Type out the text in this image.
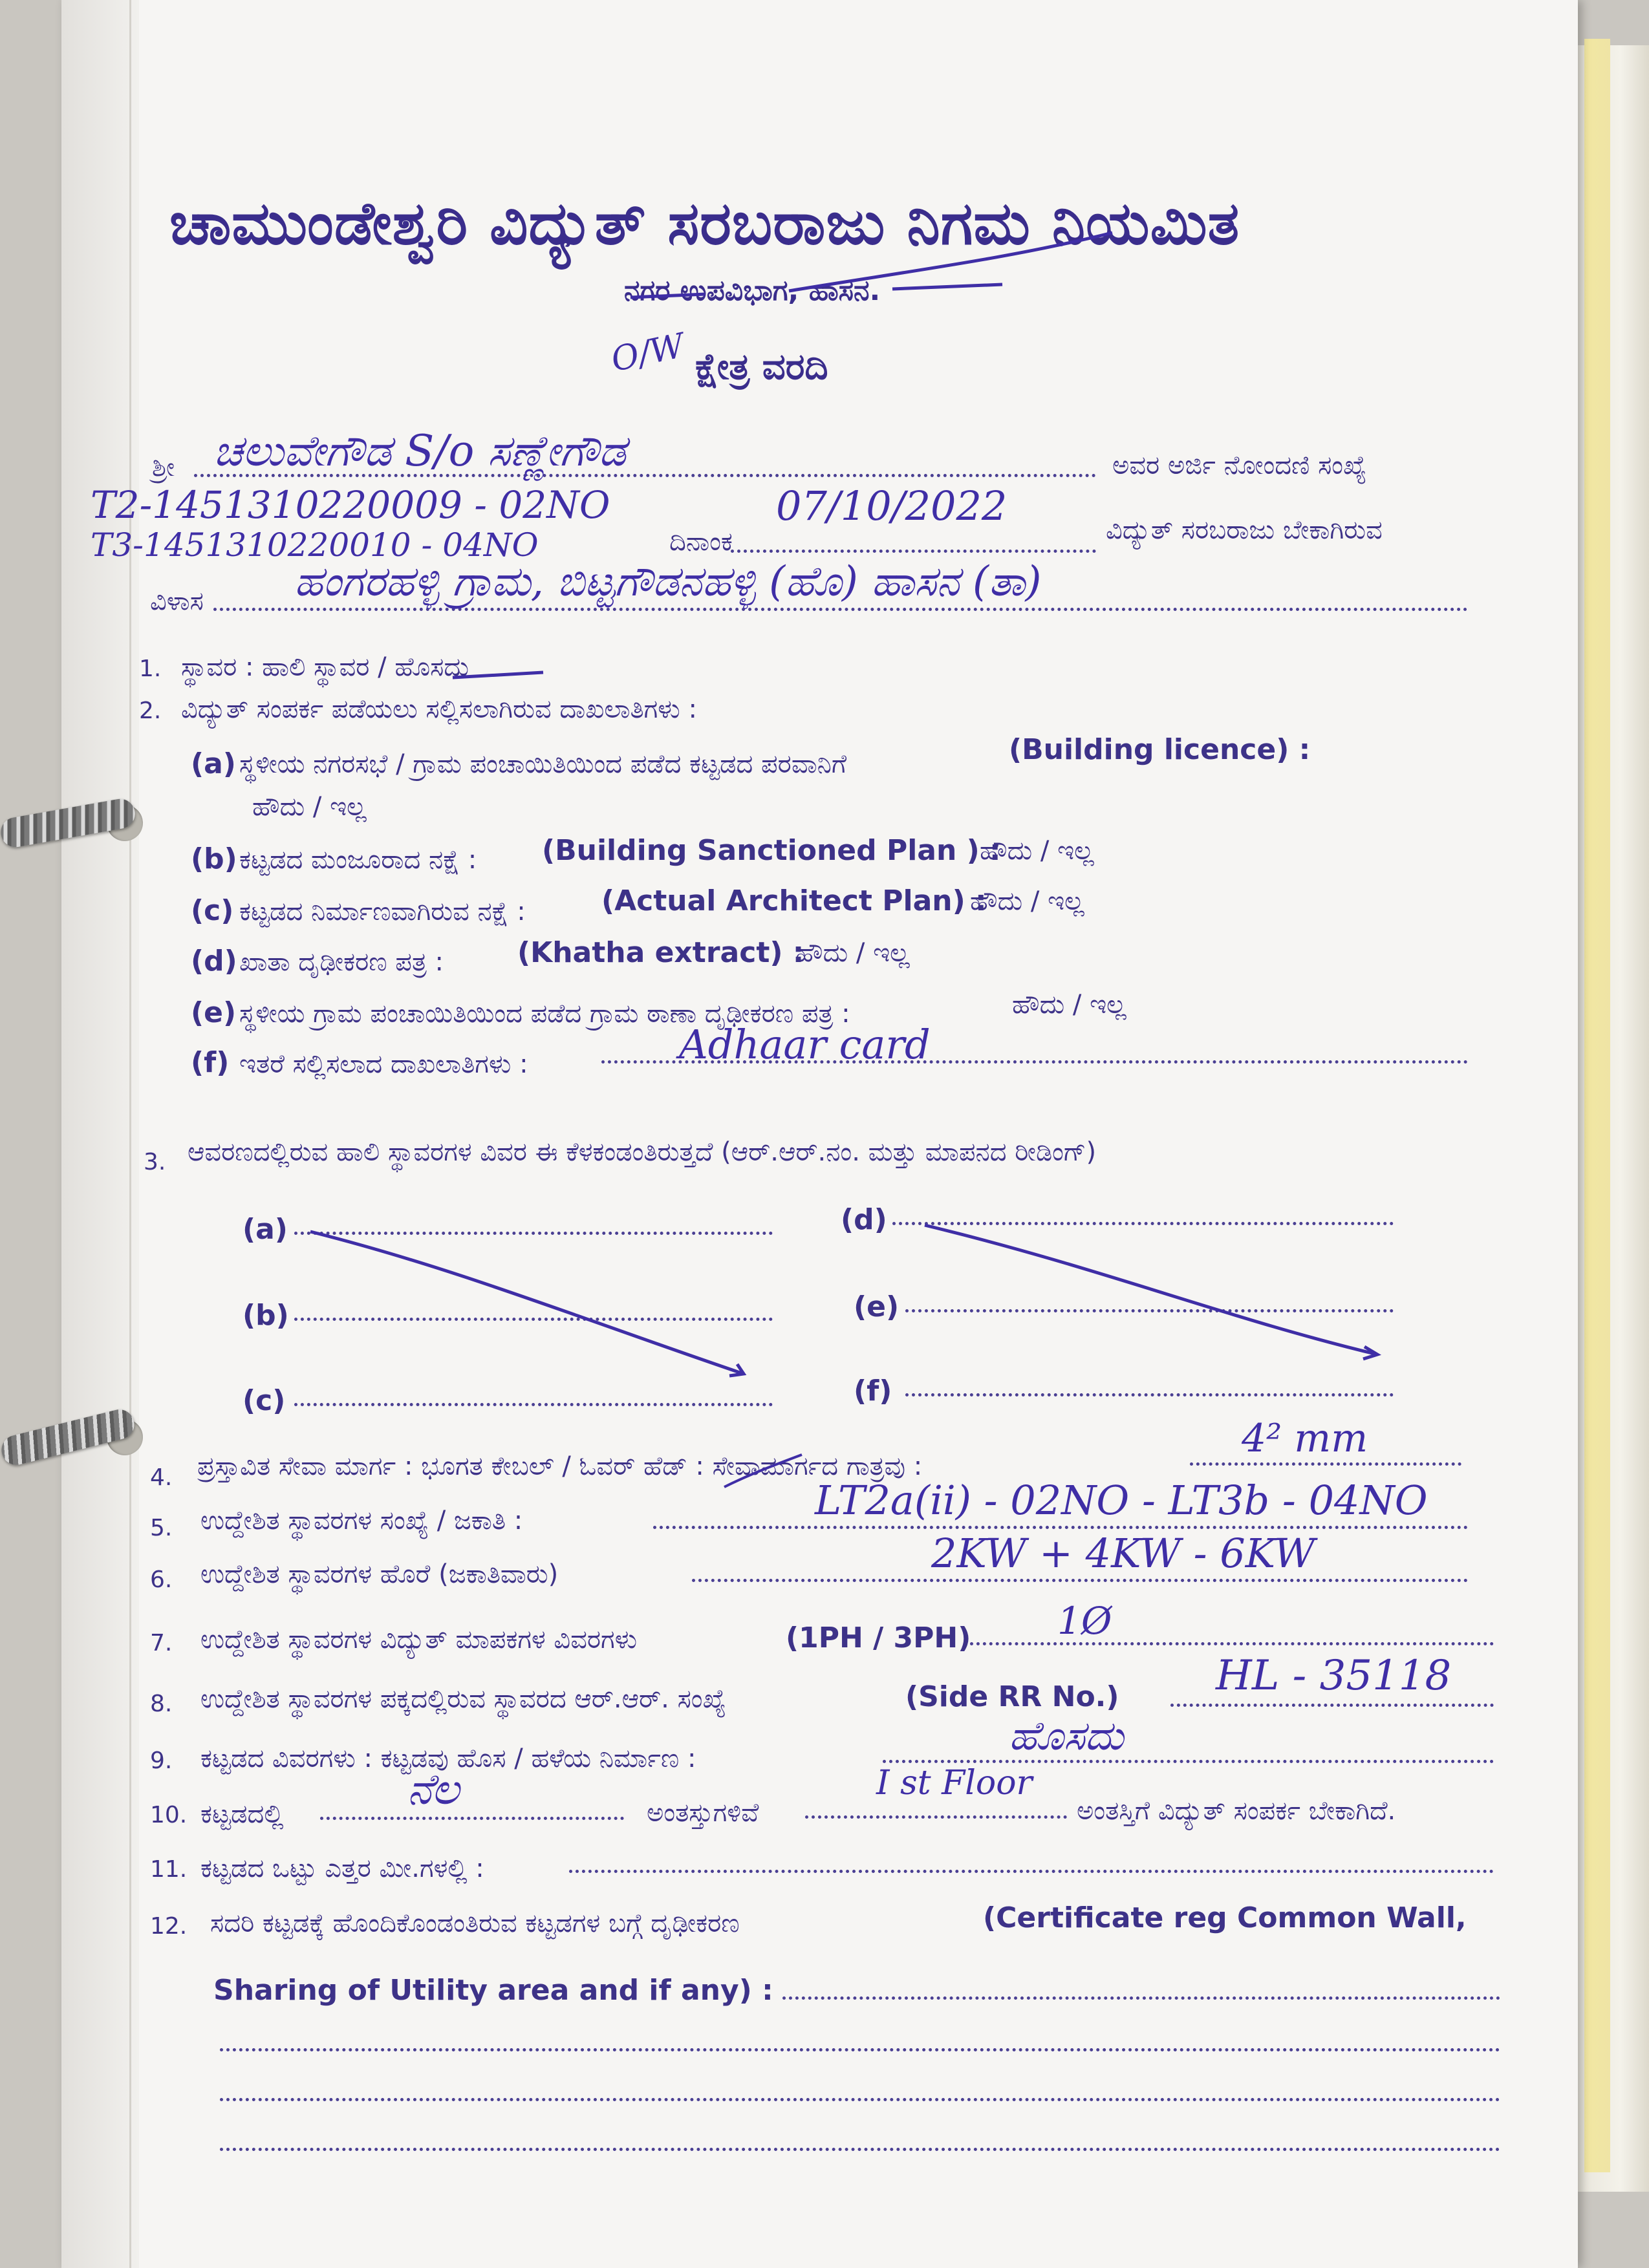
ಚಾಮುಂಡೇಶ್ವರಿ ವಿದ್ಯುತ್ ಸರಬರಾಜು ನಿಗಮ ನಿಯಮಿತ
ನಗರ ಉಪವಿಭಾಗ, ಹಾಸನ.
ಕ್ಷೇತ್ರ ವರದಿ
O/W
ಶ್ರೀ ಚಲುವೇಗೌಡ S/o ಸಣ್ಣೇಗೌಡ	ಅವರ ಅರ್ಜಿ ನೋಂದಣಿ ಸಂಖ್ಯೆ
T2-1451310220009 - 02NO
T3-1451310220010 - 04NO	ದಿನಾಂಕ
07/10/2022
ವಿದ್ಯುತ್ ಸರಬರಾಜು ಬೇಕಾಗಿರುವ
ವಿಳಾಸ ಹಂಗರಹಳ್ಳಿ ಗ್ರಾಮ, ಬಿಟ್ಟಗೌಡನಹಳ್ಳಿ (ಹೊ) ಹಾಸನ (ತಾ)
1. ಸ್ಥಾವರ : ಹಾಲಿ ಸ್ಥಾವರ / ಹೊಸದು
2. ವಿದ್ಯುತ್ ಸಂಪರ್ಕ ಪಡೆಯಲು ಸಲ್ಲಿಸಲಾಗಿರುವ ದಾಖಲಾತಿಗಳು :
(a) ಸ್ಥಳೀಯ ನಗರಸಭೆ / ಗ್ರಾಮ ಪಂಚಾಯಿತಿಯಿಂದ ಪಡೆದ ಕಟ್ಟಡದ ಪರವಾನಿಗೆ	(Building licence) :
ಹೌದು / ಇಲ್ಲ
(b) ಕಟ್ಟಡದ ಮಂಜೂರಾದ ನಕ್ಷೆ : (Building Sanctioned Plan ) :
ಹೌದು / ಇಲ್ಲ
(c) ಕಟ್ಟಡದ ನಿರ್ಮಾಣವಾಗಿರುವ ನಕ್ಷೆ :	(Actual Architect Plan) :
ಹೌದು / ಇಲ್ಲ
(d) ಖಾತಾ ದೃಢೀಕರಣ ಪತ್ರ :	(Khatha extract) :
ಹೌದು / ಇಲ್ಲ
(e) ಸ್ಥಳೀಯ ಗ್ರಾಮ ಪಂಚಾಯಿತಿಯಿಂದ ಪಡೆದ ಗ್ರಾಮ ಠಾಣಾ ದೃಢೀಕರಣ ಪತ್ರ :	ಹೌದು / ಇಲ್ಲ
(f) ಇತರೆ ಸಲ್ಲಿಸಲಾದ ದಾಖಲಾತಿಗಳು :	Adhaar card
3. ಆವರಣದಲ್ಲಿರುವ ಹಾಲಿ ಸ್ಥಾವರಗಳ ವಿವರ ಈ ಕೆಳಕಂಡಂತಿರುತ್ತದೆ (ಆರ್.ಆರ್.ನಂ. ಮತ್ತು ಮಾಪನದ ರೀಡಿಂಗ್)
(a)
(b)
(c)
(d)
(e)
(f)
4. ಪ್ರಸ್ತಾವಿತ ಸೇವಾ ಮಾರ್ಗ : ಭೂಗತ ಕೇಬಲ್ / ಓವರ್ ಹೆಡ್ : ಸೇವಾಮಾರ್ಗದ ಗಾತ್ರವು :
4² mm
5. ಉದ್ದೇಶಿತ ಸ್ಥಾವರಗಳ ಸಂಖ್ಯೆ / ಜಕಾತಿ :	LT2a(ii) - 02NO - LT3b - 04NO
6. ಉದ್ದೇಶಿತ ಸ್ಥಾವರಗಳ ಹೊರೆ (ಜಕಾತಿವಾರು)	2KW + 4KW - 6KW
7. ಉದ್ದೇಶಿತ ಸ್ಥಾವರಗಳ ವಿದ್ಯುತ್ ಮಾಪಕಗಳ ವಿವರಗಳು	(1PH / 3PH) 1Ø
8. ಉದ್ದೇಶಿತ ಸ್ಥಾವರಗಳ ಪಕ್ಕದಲ್ಲಿರುವ ಸ್ಥಾವರದ ಆರ್.ಆರ್. ಸಂಖ್ಯೆ	(Side RR No.) HL - 35118
9. ಕಟ್ಟಡದ ವಿವರಗಳು : ಕಟ್ಟಡವು ಹೊಸ / ಹಳೆಯ ನಿರ್ಮಾಣ :	ಹೊಸದು
10. ಕಟ್ಟಡದಲ್ಲಿ	ನೆಲ	ಅಂತಸ್ತುಗಳಿವೆ
I st Floor
ಅಂತಸ್ತಿಗೆ ವಿದ್ಯುತ್ ಸಂಪರ್ಕ ಬೇಕಾಗಿದೆ.
11. ಕಟ್ಟಡದ ಒಟ್ಟು ಎತ್ತರ ಮೀ.ಗಳಲ್ಲಿ :
12. ಸದರಿ ಕಟ್ಟಡಕ್ಕೆ ಹೊಂದಿಕೊಂಡಂತಿರುವ ಕಟ್ಟಡಗಳ ಬಗ್ಗೆ ದೃಢೀಕರಣ	(Certificate reg Common Wall,
Sharing of Utility area and if any) :
